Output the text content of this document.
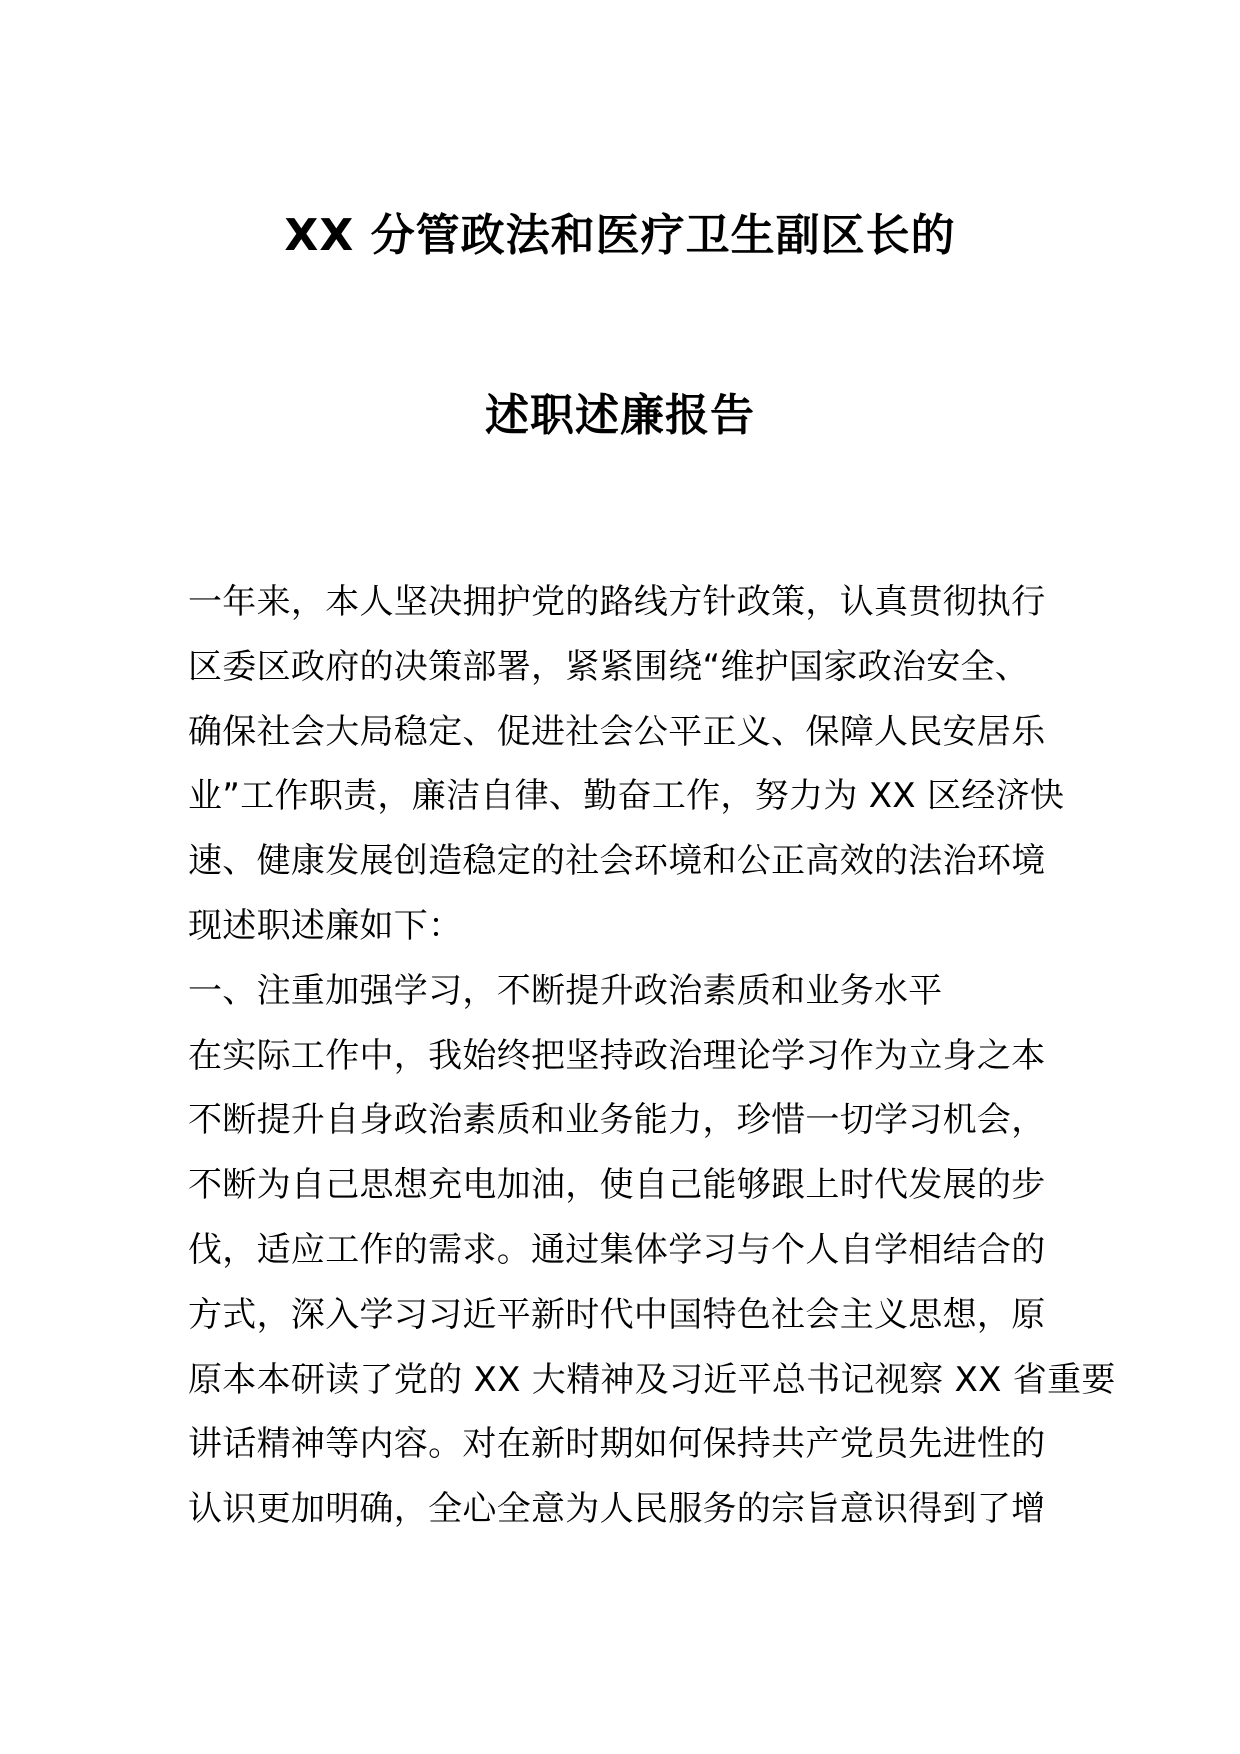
XX 分管政法和医疗卫生副区长的
述职述廉报告
一年来，本人坚决拥护党的路线方针政策，认真贯彻执行
区委区政府的决策部署，紧紧围绕“维护国家政治安全、
确保社会大局稳定、促进社会公平正义、保障人民安居乐
业”工作职责，廉洁自律、勤奋工作，努力为 XX 区经济快
速、健康发展创造稳定的社会环境和公正高效的法治环境
现述职述廉如下：
一、注重加强学习，不断提升政治素质和业务水平
在实际工作中，我始终把坚持政治理论学习作为立身之本
不断提升自身政治素质和业务能力，珍惜一切学习机会，
不断为自己思想充电加油，使自己能够跟上时代发展的步
伐，适应工作的需求。通过集体学习与个人自学相结合的
方式，深入学习习近平新时代中国特色社会主义思想，原
原本本研读了党的 XX 大精神及习近平总书记视察 XX 省重要
讲话精神等内容。对在新时期如何保持共产党员先进性的
认识更加明确，全心全意为人民服务的宗旨意识得到了增
